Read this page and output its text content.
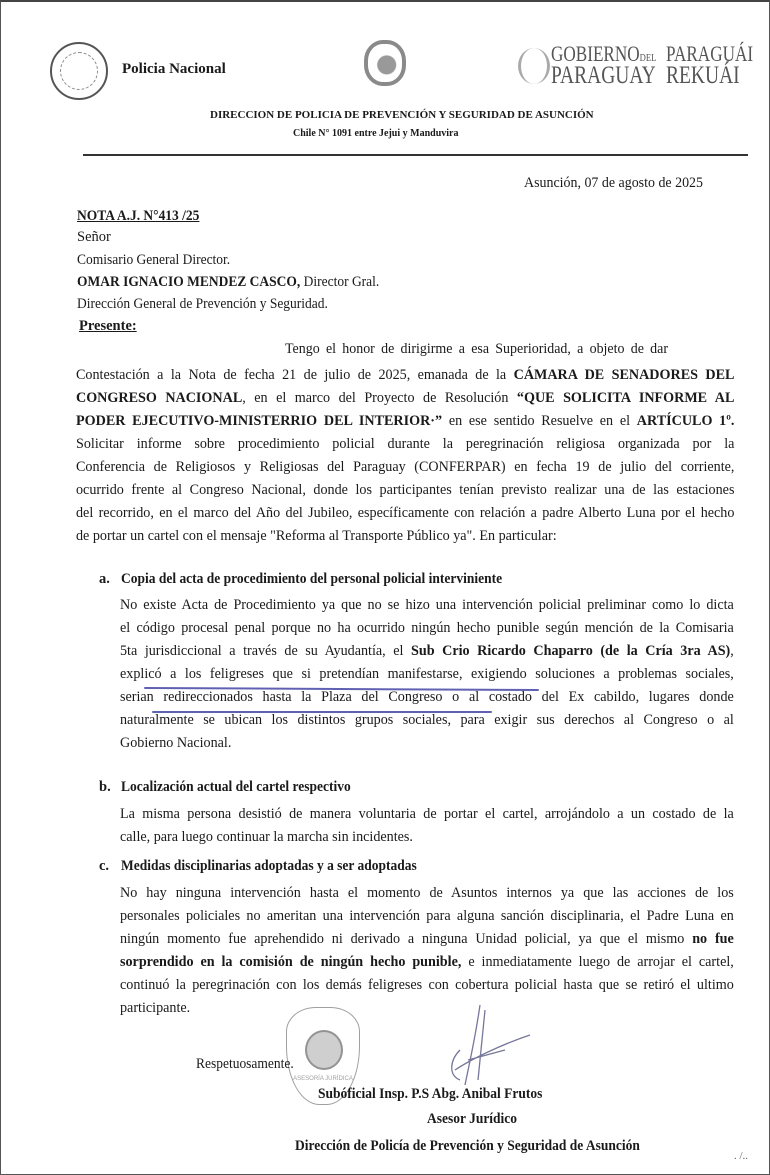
Policia Nacional
GOBIERNODEL
PARAGUAY
PARAGUÁI
REKUÁI
DIRECCION DE POLICIA DE PREVENCIÓN Y SEGURIDAD DE ASUNCIÓN
Chile N° 1091 entre Jejui y Manduvira
Asunción, 07 de agosto de 2025
NOTA A.J. N°413 /25
Señor
Comisario General Director.
OMAR IGNACIO MENDEZ CASCO, Director Gral.
Dirección General de Prevención y Seguridad.
Presente:
Tengo el honor de dirigirme a esa Superioridad, a objeto de dar
Contestación a la Nota de fecha 21 de julio de 2025, emanada de la CÁMARA DE SENADORES DEL
CONGRESO NACIONAL, en el marco del Proyecto de Resolución “QUE SOLICITA INFORME AL
PODER EJECUTIVO-MINISTERRIO DEL INTERIOR·” en ese sentido Resuelve en el ARTÍCULO 1º.
Solicitar informe sobre procedimiento policial durante la peregrinación religiosa organizada por la
Conferencia de Religiosos y Religiosas del Paraguay (CONFERPAR) en fecha 19 de julio del corriente,
ocurrido frente al Congreso Nacional, donde los participantes tenían previsto realizar una de las estaciones
del recorrido, en el marco del Año del Jubileo, específicamente con relación a padre Alberto Luna por el hecho
de portar un cartel con el mensaje "Reforma al Transporte Público ya". En particular:
a. Copia del acta de procedimiento del personal policial interviniente
No existe Acta de Procedimiento ya que no se hizo una intervención policial preliminar como lo dicta
el código procesal penal porque no ha ocurrido ningún hecho punible según mención de la Comisaria
5ta jurisdiccional a través de su Ayudantía, el Sub Crio Ricardo Chaparro (de la Cría 3ra AS),
explicó a los feligreses que si pretendían manifestarse, exigiendo soluciones a problemas sociales,
serian redireccionados hasta la Plaza del Congreso o al costado del Ex cabildo, lugares donde
naturalmente se ubican los distintos grupos sociales, para exigir sus derechos al Congreso o al
Gobierno Nacional.
b. Localización actual del cartel respectivo
La misma persona desistió de manera voluntaria de portar el cartel, arrojándolo a un costado de la
calle, para luego continuar la marcha sin incidentes.
c. Medidas disciplinarias adoptadas y a ser adoptadas
No hay ninguna intervención hasta el momento de Asuntos internos ya que las acciones de los
personales policiales no ameritan una intervención para alguna sanción disciplinaria, el Padre Luna en
ningún momento fue aprehendido ni derivado a ninguna Unidad policial, ya que el mismo no fue
sorprendido en la comisión de ningún hecho punible, e inmediatamente luego de arrojar el cartel,
continuó la peregrinación con los demás feligreses con cobertura policial hasta que se retiró el ultimo
participante.
ASESORÍA JURÍDICA
Respetuosamente.
Subóficial Insp. P.S Abg. Anibal Frutos
Asesor Jurídico
Dirección de Policía de Prevención y Seguridad de Asunción
. /..
